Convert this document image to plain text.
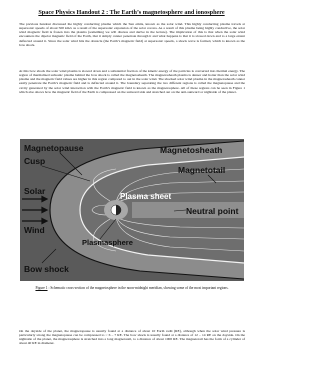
Space Physics Handout 2 : The Earth’s magnetosphere and ionosphere

The previous handout discussed the highly conducting plasma which the Sun emits, known as the solar wind. This highly conducting plasma travels at supersonic speeds of about 500 km/s as a result of the supersonic expansion of the solar corona. As a result of this plasma being highly conductive, the solar wind magnetic field is frozen into the plasma (something we will discuss and derive in the lecture). The implication of this is that when the solar wind encounters the dipolar magnetic field of the Earth, that it simply cannot penetrate through it and what happens is that it is slowed down and to a large extent deflected around it. Since the solar wind hits the obstacle (the Earth’s magnetic field) at supersonic speeds, a shock wave is formed, which is known as the bow shock.

At this bow shock the solar wind plasma is slowed down and a substantial fraction of the kinetic energy of the particles is converted into thermal energy. The region of thermalised subsonic plasma behind the bow shock is called the magnetosheath. The magnetosheath plasma is denser and hotter than the solar wind plasma and the magnetic field values are higher in this region compared to out in the solar wind. The shocked solar wind plasma in the magnetosheath cannot easily penetrate the Earth’s magnetic field and is deflected around it. The boundary separating the two different regions is called the magnetopause and the cavity generated by the solar wind interaction with the Earth’s magnetic field is known as the magnetosphere. All of these regions can be seen in Figure 1 which also shows how the magnetic field of the Earth is compressed on the sunward side and stretched out on the anti-sunward or nightside of the planet.

Magnetopause
Cusp
Magnetosheath
Magnetotail
Solar
Wind
Plasma sheet
Neutral point
Plasmasphere
Bow shock

Figure 1 : Schematic cross-section of the magnetosphere in the noon-midnight meridian, showing some of the most important regions.

On the dayside of the planet, the magnetopause is usually found at a distance of about 10 Earth radii (RE), although when the solar wind pressure is particularly strong the magnetopause can be compressed to ~ 6 – 7 RE. The bow shock is usually found at a distance of 12 – 14 RE on the dayside. On the nightside of the planet, the magnetosphere is stretched into a long magnetotail, to a distance of about 1000 RE. The magnetotail has the form of a cylinder of about 40 RE in diameter.
